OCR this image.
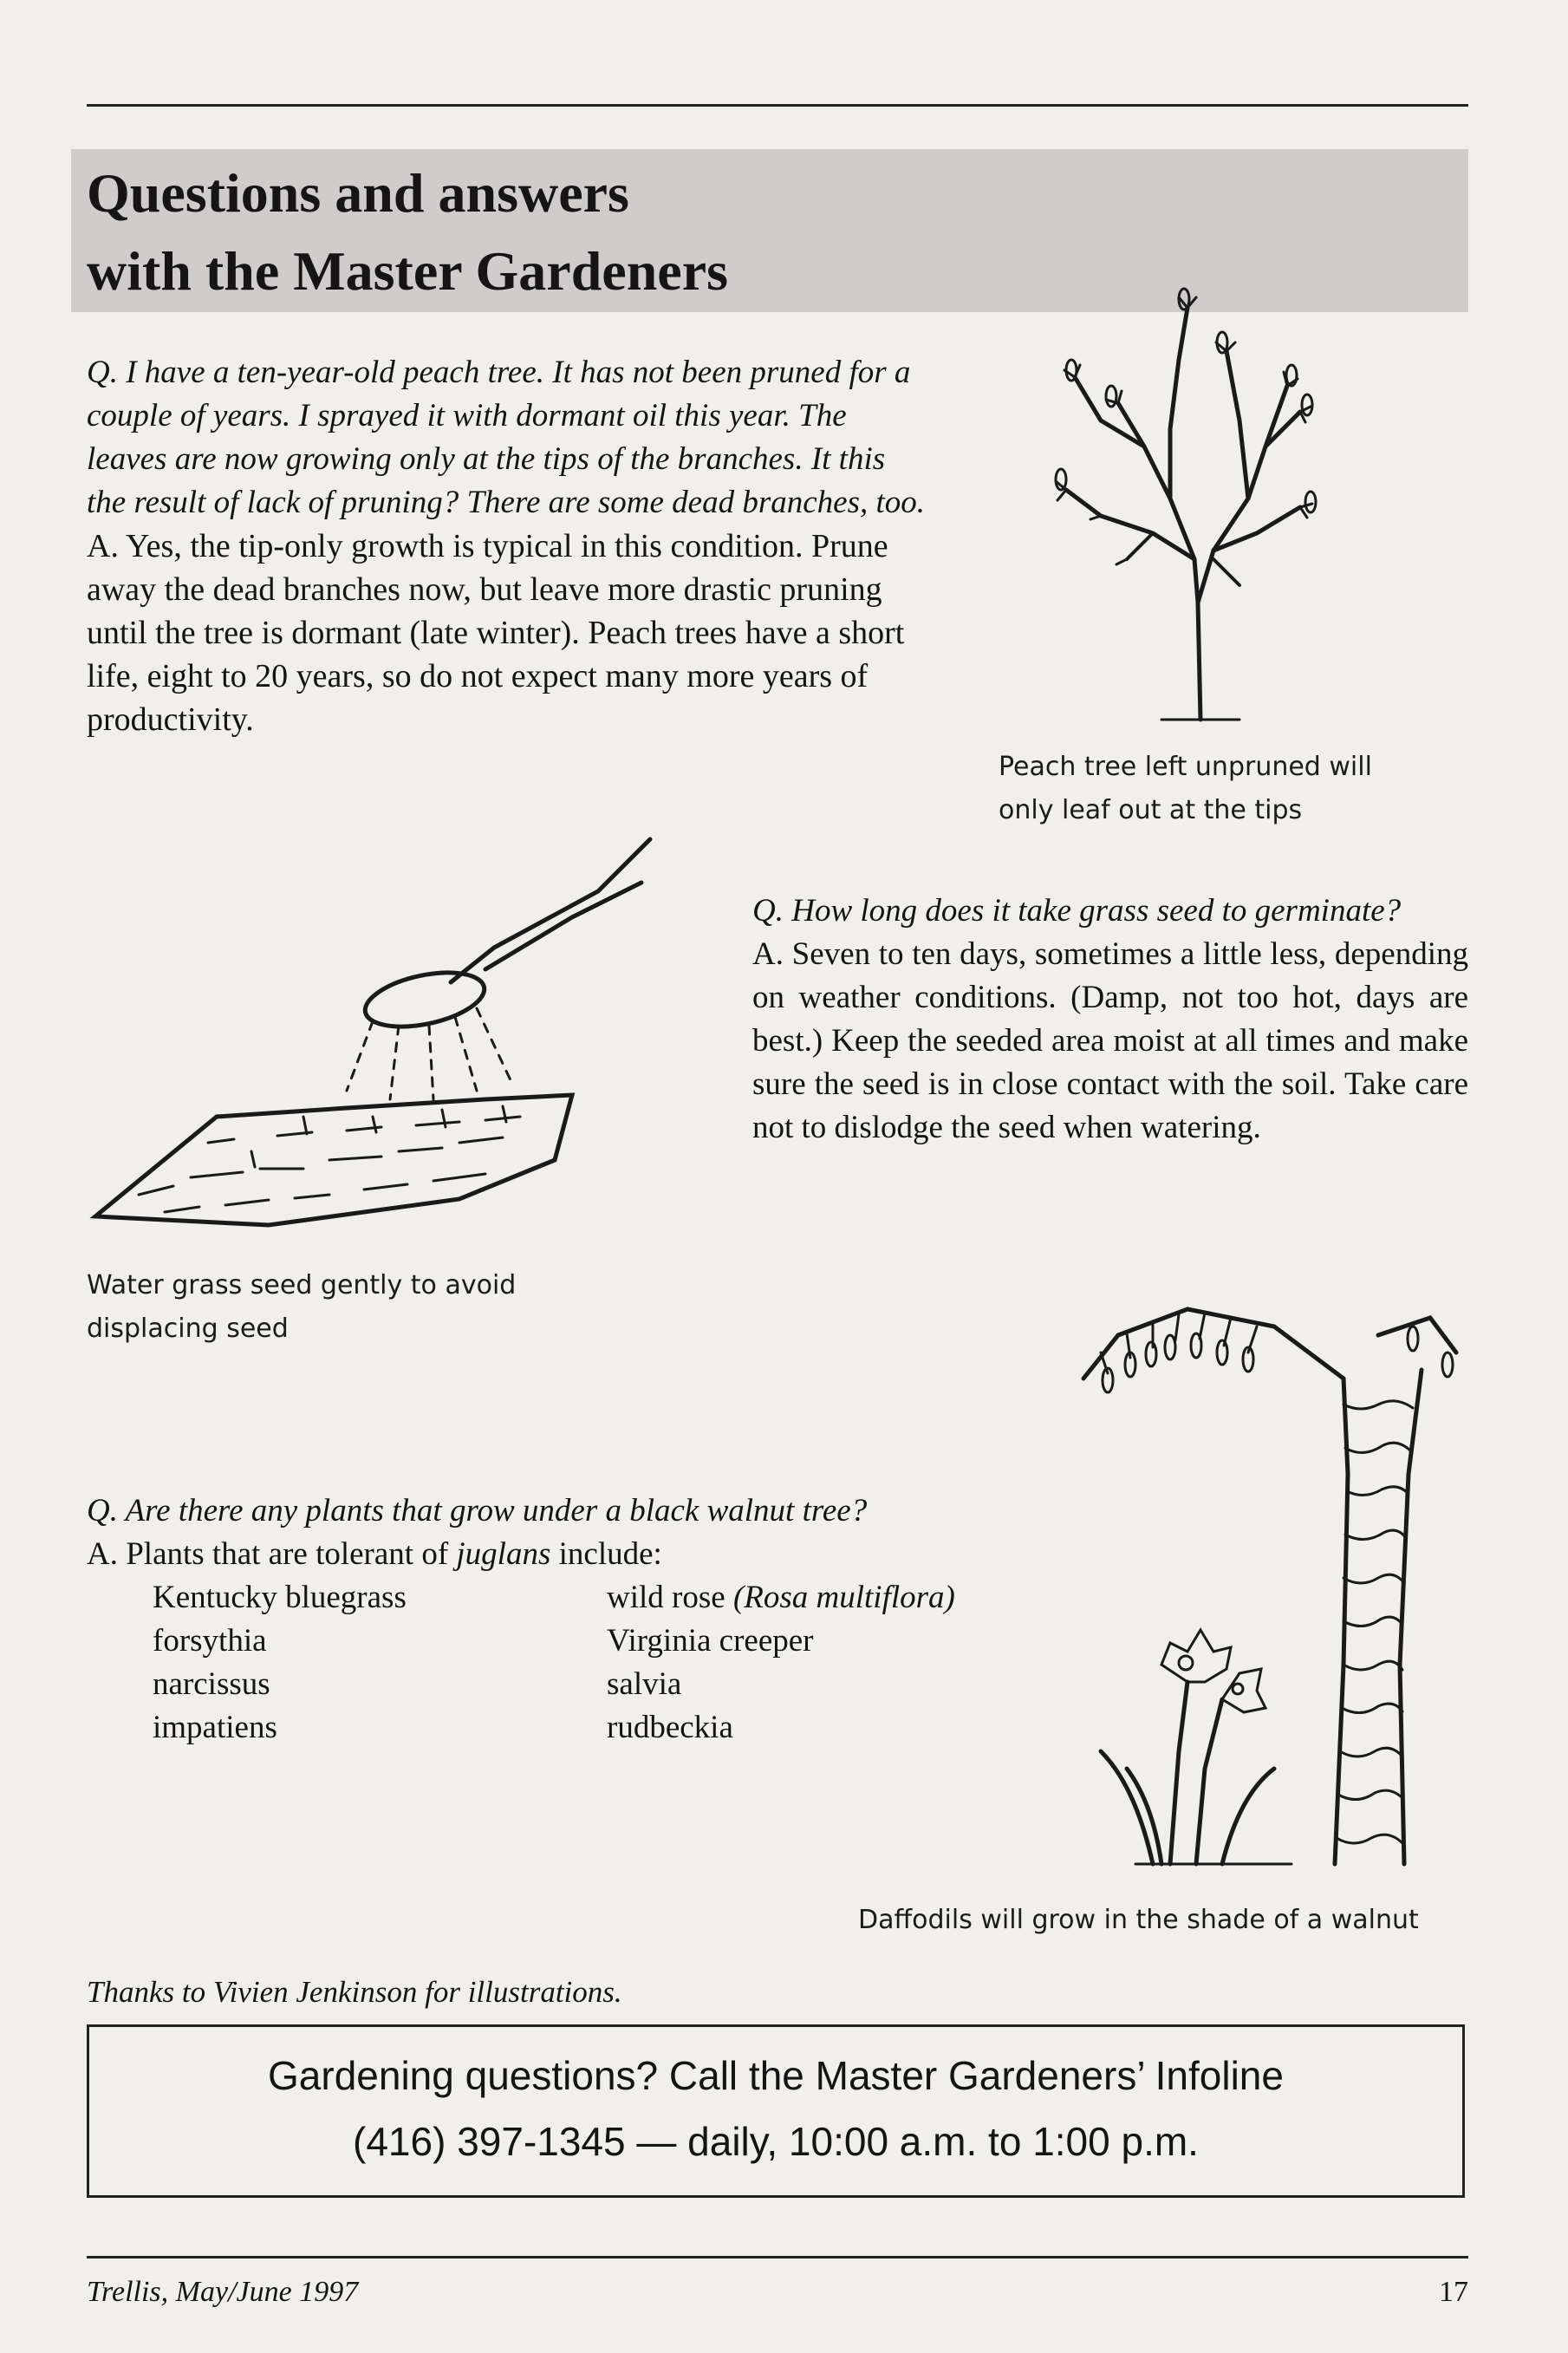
Questions and answers
with the Master Gardeners

Q. I have a ten-year-old peach tree. It has not been pruned for a couple of years. I sprayed it with dormant oil this year. The leaves are now growing only at the tips of the branches. It this the result of lack of pruning? There are some dead branches, too.

A. Yes, the tip-only growth is typical in this condition. Prune away the dead branches now, but leave more drastic pruning until the tree is dormant (late winter). Peach trees have a short life, eight to 20 years, so do not expect many more years of productivity.

Peach tree left unpruned will
only leaf out at the tips
Water grass seed gently to avoid
displacing seed

Q. How long does it take grass seed to germinate?

A. Seven to ten days, sometimes a little less, depending on weather conditions. (Damp, not too hot, days are best.) Keep the seeded area moist at all times and make sure the seed is in close contact with the soil. Take care not to dislodge the seed when watering.

Q. Are there any plants that grow under a black walnut tree?

A. Plants that are tolerant of juglans include:

Kentucky bluegrass
forsythia
narcissus
impatiens
wild rose (Rosa multiflora)
Virginia creeper
salvia
rudbeckia
Daffodils will grow in the shade of a walnut
Thanks to Vivien Jenkinson for illustrations.
Gardening questions? Call the Master Gardeners’ Infoline
(416) 397-1345 — daily, 10:00 a.m. to 1:00 p.m.
Trellis, May/June 1997	17
